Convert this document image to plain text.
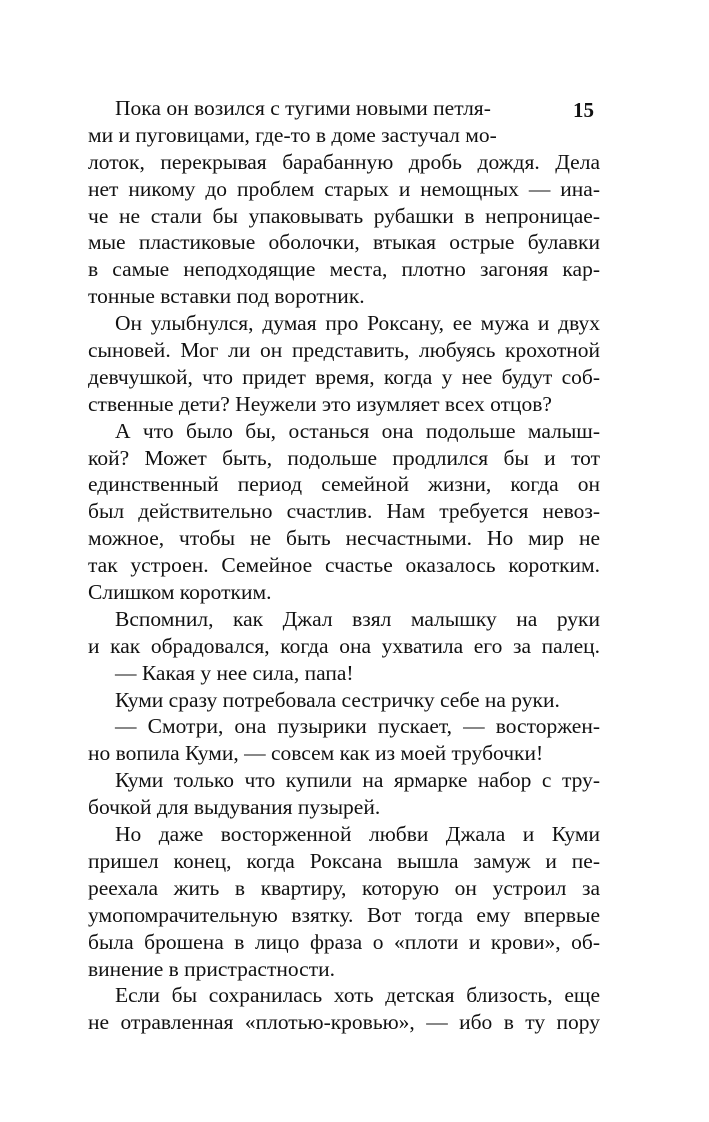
15
Пока он возился с тугими новыми петля-
ми и пуговицами, где-то в доме застучал мо-
лоток, перекрывая барабанную дробь дождя. Дела
нет никому до проблем старых и немощных — ина-
че не стали бы упаковывать рубашки в непроницае-
мые пластиковые оболочки, втыкая острые булавки
в самые неподходящие места, плотно загоняя кар-
тонные вставки под воротник.
Он улыбнулся, думая про Роксану, ее мужа и двух
сыновей. Мог ли он представить, любуясь крохотной
девчушкой, что придет время, когда у нее будут соб-
ственные дети? Неужели это изумляет всех отцов?
А что было бы, останься она подольше малыш-
кой? Может быть, подольше продлился бы и тот
единственный период семейной жизни, когда он
был действительно счастлив. Нам требуется невоз-
можное, чтобы не быть несчастными. Но мир не
так устроен. Семейное счастье оказалось коротким.
Слишком коротким.
Вспомнил, как Джал взял малышку на руки
и как обрадовался, когда она ухватила его за палец.
— Какая у нее сила, папа!
Куми сразу потребовала сестричку себе на руки.
— Смотри, она пузырики пускает, — восторжен-
но вопила Куми, — совсем как из моей трубочки!
Куми только что купили на ярмарке набор с тру-
бочкой для выдувания пузырей.
Но даже восторженной любви Джала и Куми
пришел конец, когда Роксана вышла замуж и пе-
реехала жить в квартиру, которую он устроил за
умопомрачительную взятку. Вот тогда ему впервые
была брошена в лицо фраза о «плоти и крови», об-
винение в пристрастности.
Если бы сохранилась хоть детская близость, еще
не отравленная «плотью-кровью», — ибо в ту пору
